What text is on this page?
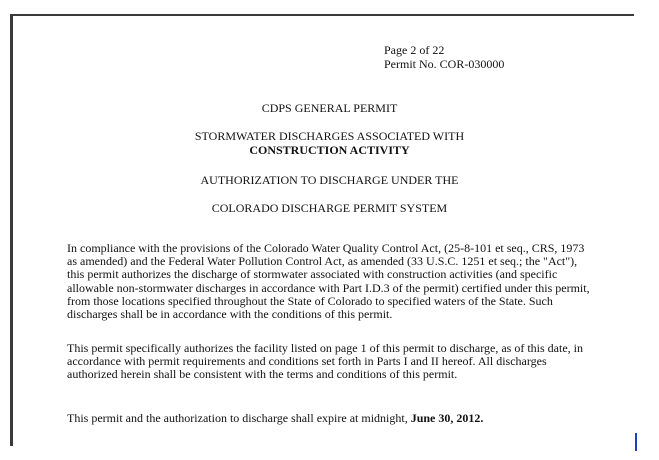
Page 2 of 22
Permit No. COR-030000
CDPS GENERAL PERMIT
STORMWATER DISCHARGES ASSOCIATED WITH
CONSTRUCTION ACTIVITY
AUTHORIZATION TO DISCHARGE UNDER THE
COLORADO DISCHARGE PERMIT SYSTEM
In compliance with the provisions of the Colorado Water Quality Control Act, (25-8-101 et seq., CRS, 1973
as amended) and the Federal Water Pollution Control Act, as amended (33 U.S.C. 1251 et seq.; the "Act"),
this permit authorizes the discharge of stormwater associated with construction activities (and specific
allowable non-stormwater discharges in accordance with Part I.D.3 of the permit) certified under this permit,
from those locations specified throughout the State of Colorado to specified waters of the State. Such
discharges shall be in accordance with the conditions of this permit.
This permit specifically authorizes the facility listed on page 1 of this permit to discharge, as of this date, in
accordance with permit requirements and conditions set forth in Parts I and II hereof. All discharges
authorized herein shall be consistent with the terms and conditions of this permit.
This permit and the authorization to discharge shall expire at midnight, June 30, 2012.
